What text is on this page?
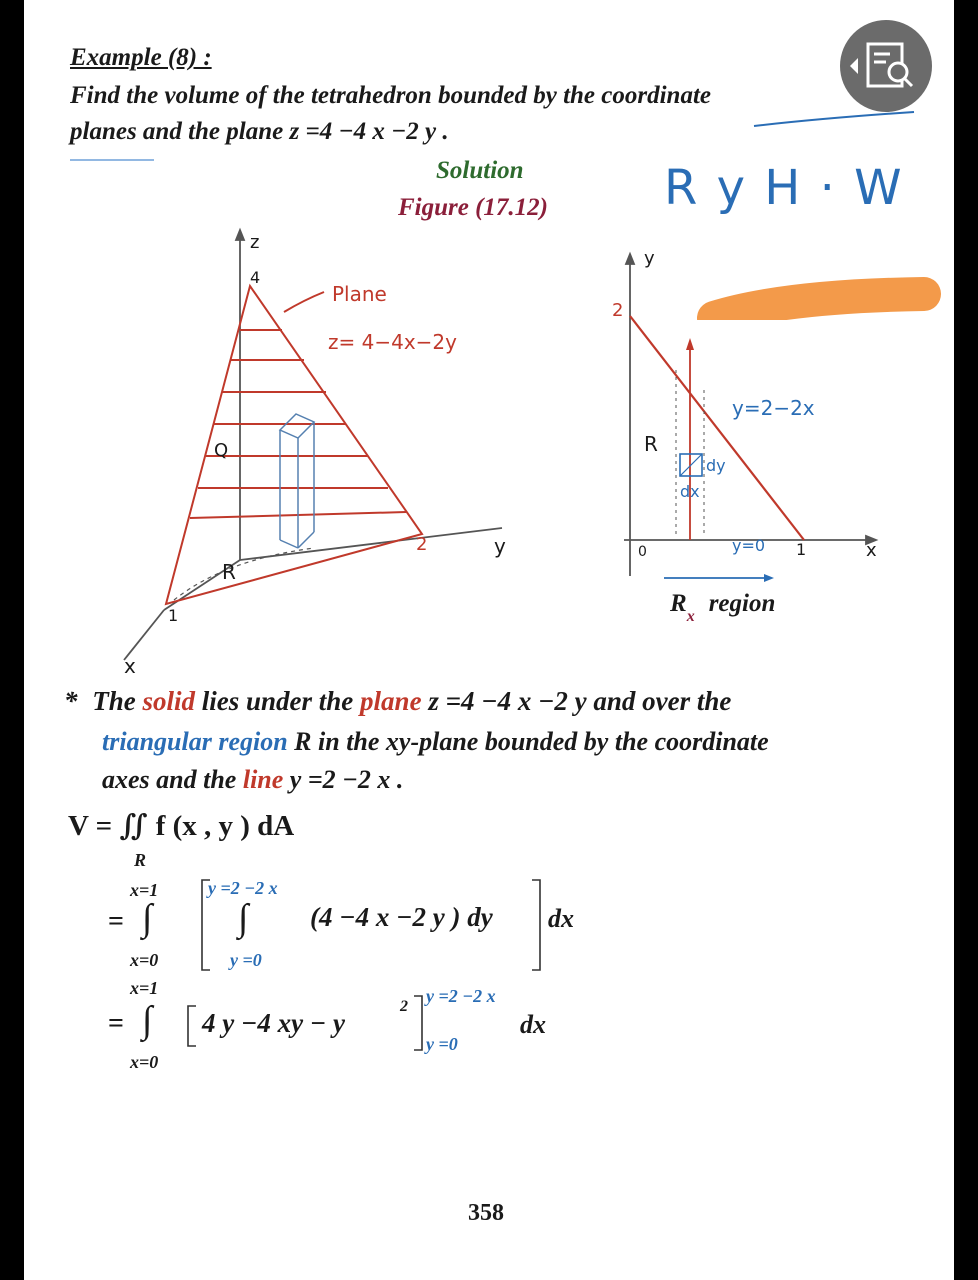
Example (8) :
Find the volume of the tetrahedron bounded by the coordinate
planes and the plane z =4 −4 x −2 y .
Solution
Figure (17.12) R y H · W
z
4
Plane
z= 4−4x−2y
Q
R
2	y
1
x
y
2
y=2−2x
R
dy
dx
0	y=0 1	x
Rx region
* The solid lies under the plane z =4 −4 x −2 y and over the
triangular region R in the xy-plane bounded by the coordinate
axes and the line y =2 −2 x .
V = ∬ f (x , y ) dA
R
x=1
= ∫
x=0
y =2 −2 x
∫
y =0
(4 −4 x −2 y ) dy dx
x=1
= ∫
x=0
4 y −4 xy − y
2
y =2 −2 x
y =0
dx
358
